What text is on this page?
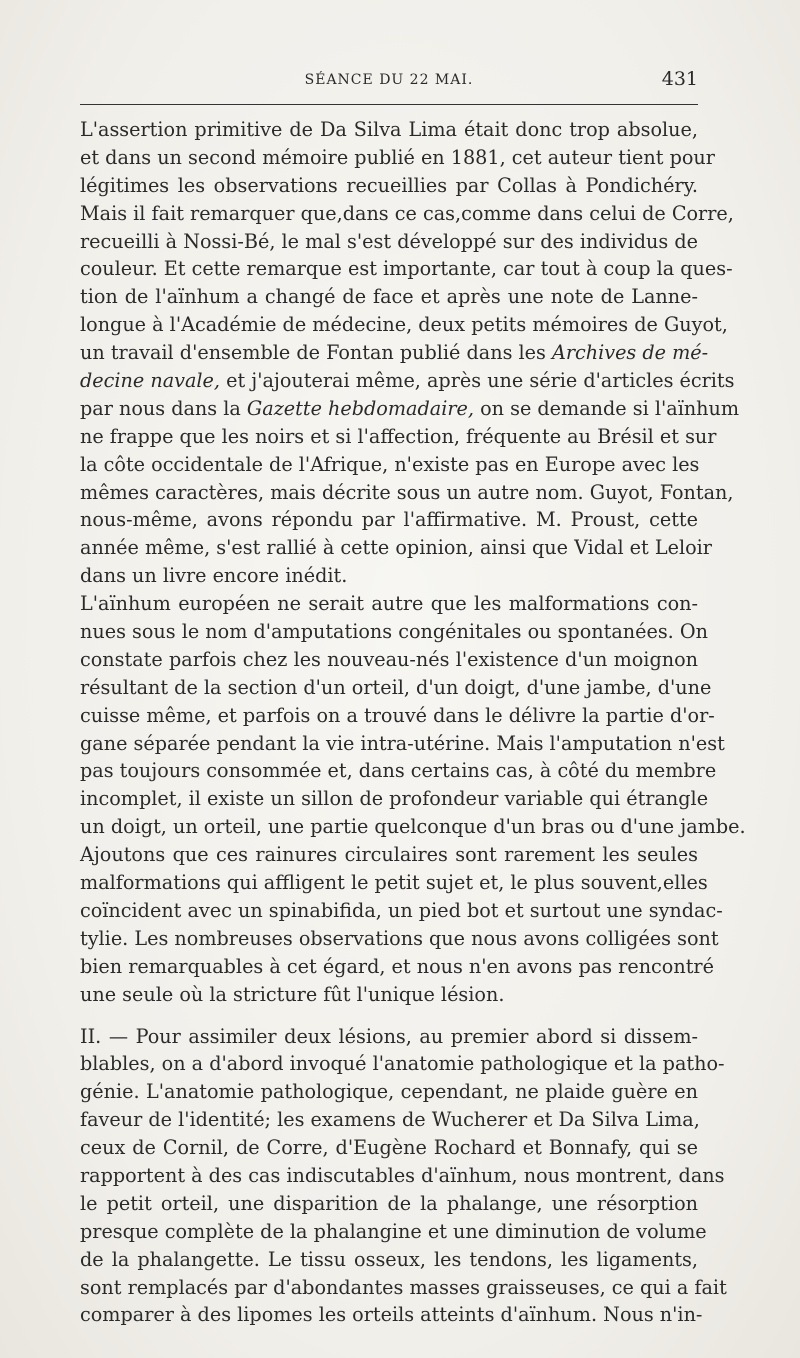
SÉANCE DU 22 MAI.	431
L'assertion primitive de Da Silva Lima était donc trop absolue,
et dans un second mémoire publié en 1881, cet auteur tient pour
légitimes les observations recueillies par Collas à Pondichéry.
Mais il fait remarquer que,dans ce cas,comme dans celui de Corre,
recueilli à Nossi-Bé, le mal s'est développé sur des individus de
couleur. Et cette remarque est importante, car tout à coup la ques-
tion de l'aïnhum a changé de face et après une note de Lanne-
longue à l'Académie de médecine, deux petits mémoires de Guyot,
un travail d'ensemble de Fontan publié dans les Archives de mé-
decine navale, et j'ajouterai même, après une série d'articles écrits
par nous dans la Gazette hebdomadaire, on se demande si l'aïnhum
ne frappe que les noirs et si l'affection, fréquente au Brésil et sur
la côte occidentale de l'Afrique, n'existe pas en Europe avec les
mêmes caractères, mais décrite sous un autre nom. Guyot, Fontan,
nous-même, avons répondu par l'affirmative. M. Proust, cette
année même, s'est rallié à cette opinion, ainsi que Vidal et Leloir
dans un livre encore inédit.
L'aïnhum européen ne serait autre que les malformations con-
nues sous le nom d'amputations congénitales ou spontanées. On
constate parfois chez les nouveau-nés l'existence d'un moignon
résultant de la section d'un orteil, d'un doigt, d'une jambe, d'une
cuisse même, et parfois on a trouvé dans le délivre la partie d'or-
gane séparée pendant la vie intra-utérine. Mais l'amputation n'est
pas toujours consommée et, dans certains cas, à côté du membre
incomplet, il existe un sillon de profondeur variable qui étrangle
un doigt, un orteil, une partie quelconque d'un bras ou d'une jambe.
Ajoutons que ces rainures circulaires sont rarement les seules
malformations qui affligent le petit sujet et, le plus souvent,elles
coïncident avec un spinabifida, un pied bot et surtout une syndac-
tylie. Les nombreuses observations que nous avons colligées sont
bien remarquables à cet égard, et nous n'en avons pas rencontré
une seule où la stricture fût l'unique lésion.
II. — Pour assimiler deux lésions, au premier abord si dissem-
blables, on a d'abord invoqué l'anatomie pathologique et la patho-
génie. L'anatomie pathologique, cependant, ne plaide guère en
faveur de l'identité; les examens de Wucherer et Da Silva Lima,
ceux de Cornil, de Corre, d'Eugène Rochard et Bonnafy, qui se
rapportent à des cas indiscutables d'aïnhum, nous montrent, dans
le petit orteil, une disparition de la phalange, une résorption
presque complète de la phalangine et une diminution de volume
de la phalangette. Le tissu osseux, les tendons, les ligaments,
sont remplacés par d'abondantes masses graisseuses, ce qui a fait
comparer à des lipomes les orteils atteints d'aïnhum. Nous n'in-
